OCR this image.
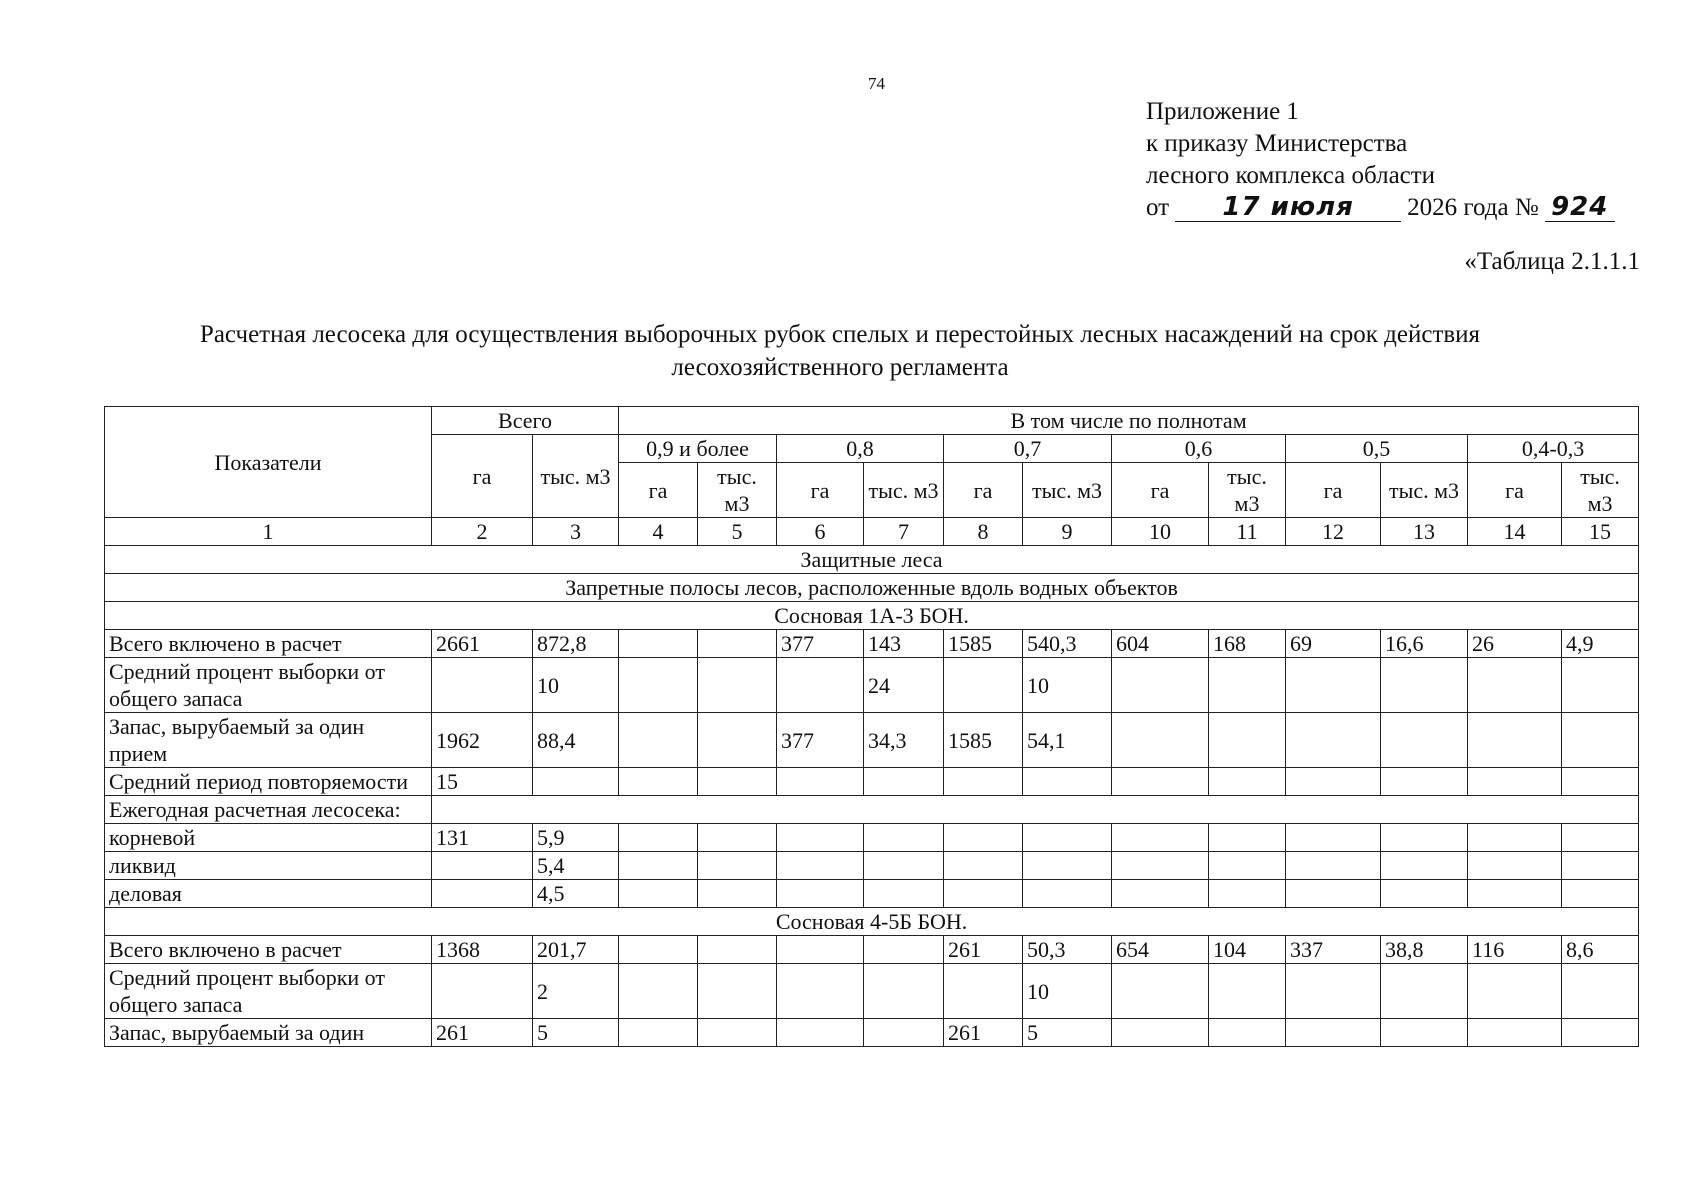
74
Приложение 1
к приказу Министерства
лесного комплекса области
от 17 июля 2026 года № 924
«Таблица 2.1.1.1
Расчетная лесосека для осуществления выборочных рубок спелых и перестойных лесных насаждений на срок действия
лесохозяйственного регламента
Показатели	Всего		В том числе по полнотам											
	га	тыс. м3	0,9 и более		0,8		0,7		0,6		0,5		0,4-0,3	
			га	тыс. м3	га	тыс. м3	га	тыс. м3	га	тыс. м3	га	тыс. м3	га	тыс. м3
1	2	3	4	5	6	7	8	9	10	11	12	13	14	15
Защитные леса														
Запретные полосы лесов, расположенные вдоль водных объектов														
Сосновая 1А-3 БОН.														
Всего включено в расчет	2661	872,8			377	143	1585	540,3	604	168	69	16,6	26	4,9
Средний процент выборки от общего запаса		10				24		10						
Запас, вырубаемый за один прием	1962	88,4			377	34,3	1585	54,1						
Средний период повторяемости	15													
Ежегодная расчетная лесосека:														
корневой	131	5,9												
ликвид		5,4												
деловая		4,5												
Сосновая 4-5Б БОН.														
Всего включено в расчет	1368	201,7					261	50,3	654	104	337	38,8	116	8,6
Средний процент выборки от общего запаса		2						10						
Запас, вырубаемый за один	261	5					261	5						
